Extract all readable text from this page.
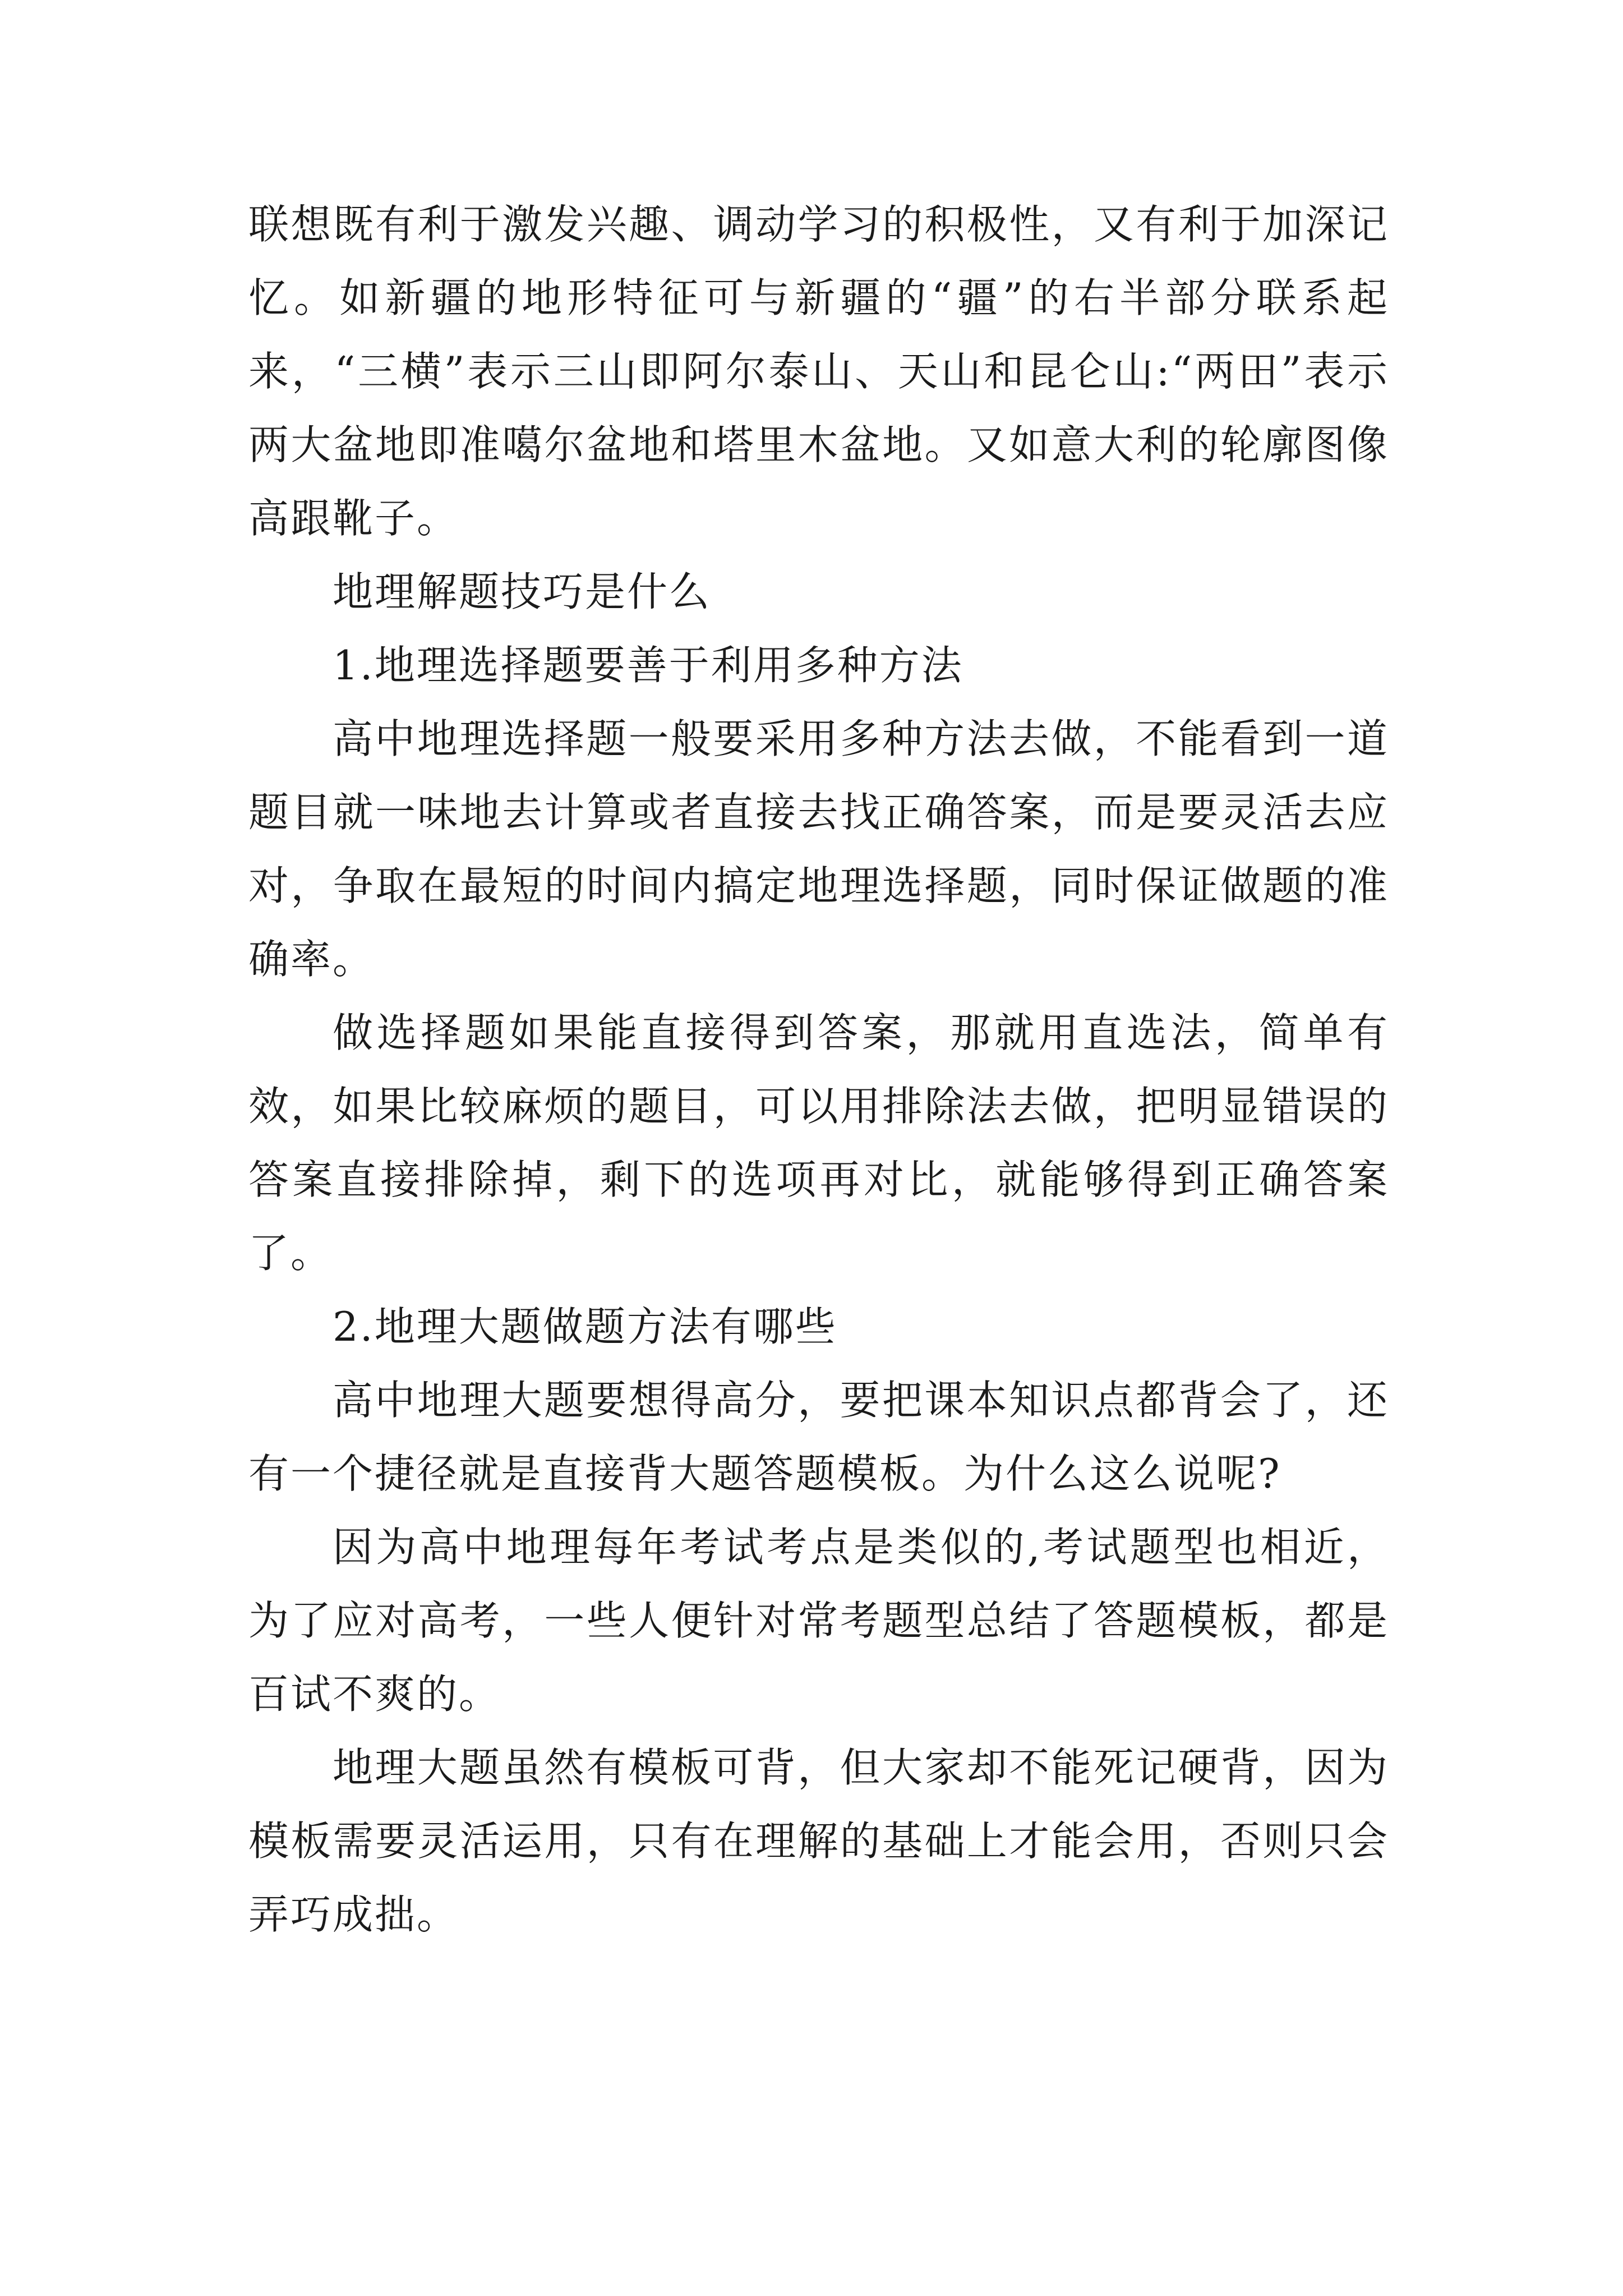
联想既有利于激发兴趣、调动学习的积极性，又有利于加深记忆。如新疆的地形特征可与新疆的“疆”的右半部分联系起来，“三横”表示三山即阿尔泰山、天山和昆仑山:“两田”表示两大盆地即准噶尔盆地和塔里木盆地。又如意大利的轮廓图像高跟靴子。

地理解题技巧是什么

1.地理选择题要善于利用多种方法

高中地理选择题一般要采用多种方法去做，不能看到一道题目就一味地去计算或者直接去找正确答案，而是要灵活去应对，争取在最短的时间内搞定地理选择题，同时保证做题的准确率。

做选择题如果能直接得到答案，那就用直选法，简单有效，如果比较麻烦的题目，可以用排除法去做，把明显错误的答案直接排除掉，剩下的选项再对比，就能够得到正确答案了。

2.地理大题做题方法有哪些

高中地理大题要想得高分，要把课本知识点都背会了，还有一个捷径就是直接背大题答题模板。为什么这么说呢?

因为高中地理每年考试考点是类似的,考试题型也相近，为了应对高考，一些人便针对常考题型总结了答题模板，都是百试不爽的。

地理大题虽然有模板可背，但大家却不能死记硬背，因为模板需要灵活运用，只有在理解的基础上才能会用，否则只会弄巧成拙。
